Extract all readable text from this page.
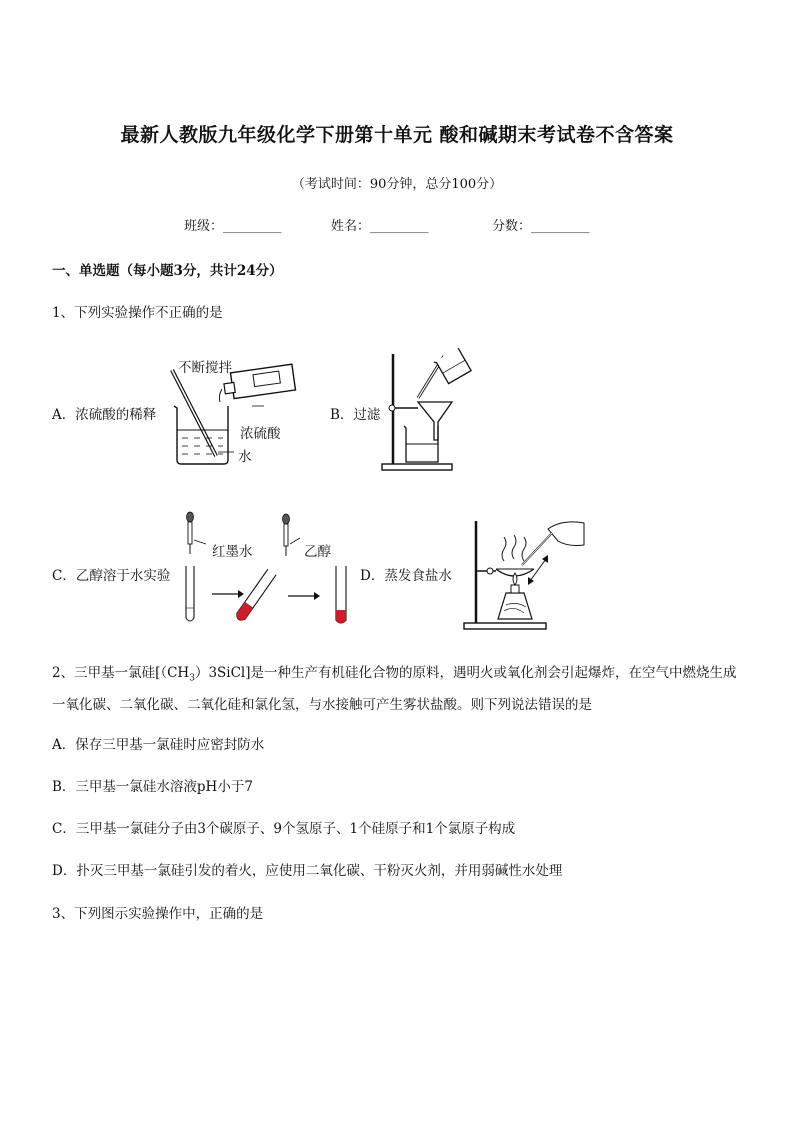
最新人教版九年级化学下册第十单元 酸和碱期末考试卷不含答案
（考试时间：90分钟，总分100分）
班级：_________	姓名：_________	分数：_________
一、单选题（每小题3分，共计24分）
1、下列实验操作不正确的是
A．浓硫酸的稀释
不断搅拌
浓硫酸
水
B．过滤
C．乙醇溶于水实验
红墨水	乙醇
D．蒸发食盐水
2、三甲基一氯硅$[(CH_3)3SiCl]$是一种生产有机硅化合物的原料，遇明火或氧化剂会引起爆炸，在空气中燃烧生成一氧化碳、二氧化碳、二氧化硅和氯化氢，与水接触可产生雾状盐酸。则下列说法错误的是
A．保存三甲基一氯硅时应密封防水
B．三甲基一氯硅水溶液pH小于7
C．三甲基一氯硅分子由3个碳原子、9个氢原子、1个硅原子和1个氯原子构成
D．扑灭三甲基一氯硅引发的着火，应使用二氧化碳、干粉灭火剂，并用弱碱性水处理
3、下列图示实验操作中，正确的是
